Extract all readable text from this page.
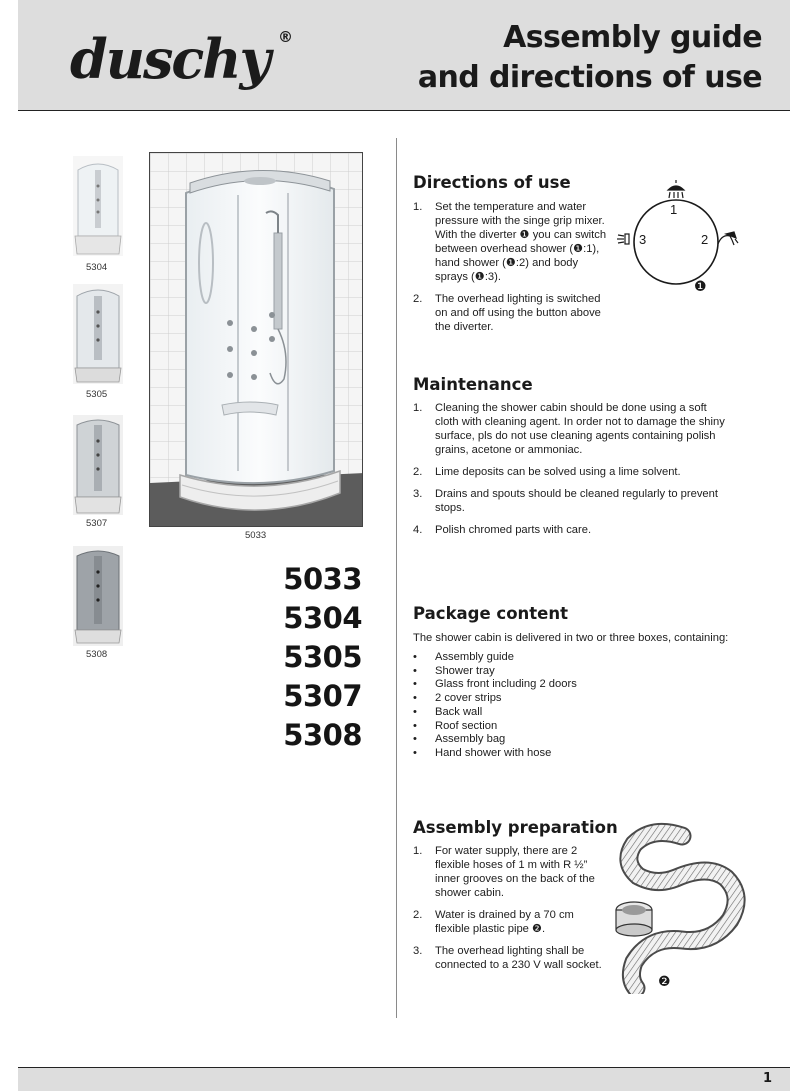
duschy ®	Assembly guide
and directions of use
5304
5305
5307
5308
5033
5033
5304
5305
5307
5308
Directions of use
1. Set the temperature and water pressure with the singe grip mixer. With the diverter ❶ you can switch between overhead shower (❶:1), hand shower (❶:2) and body sprays (❶:3).
2. The overhead lighting is switched on and off using the button above the diverter.
1
2
3
❶
Maintenance
1. Cleaning the shower cabin should be done using a soft cloth with cleaning agent. In order not to damage the shiny surface, pls do not use cleaning agents containing polish grains, acetone or ammoniac.
2. Lime deposits can be solved using a lime solvent.
3. Drains and spouts should be cleaned regularly to prevent stops.
4. Polish chromed parts with care.
Package content
The shower cabin is delivered in two or three boxes, containing:
• Assembly guide
• Shower tray
• Glass front including 2 doors
• 2 cover strips
• Back wall
• Roof section
• Assembly bag
• Hand shower with hose
Assembly preparation
1. For water supply, there are 2 flexible hoses of 1 m with R ½” inner grooves on the back of the shower cabin.
2. Water is drained by a 70 cm flexible plastic pipe ❷.
3. The overhead lighting shall be connected to a 230 V wall socket.
❷
1
